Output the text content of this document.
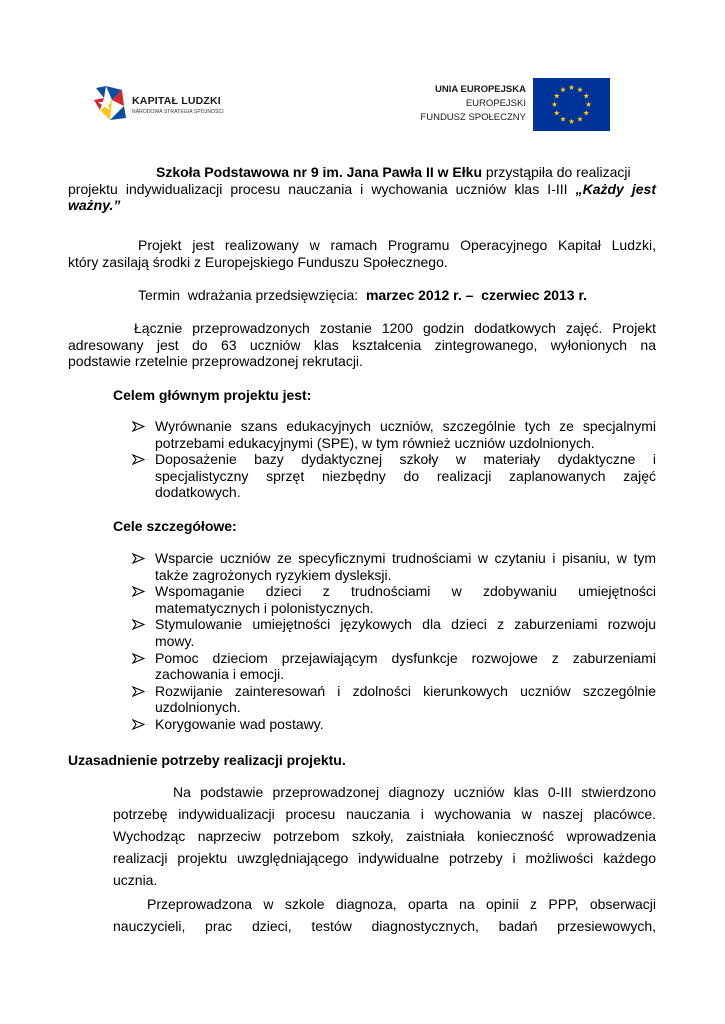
KAPITAŁ LUDZKI
NARODOWA STRATEGIA SPÓJNOŚCI
UNIA EUROPEJSKA
EUROPEJSKI
FUNDUSZ SPOŁECZNY
Szkoła Podstawowa nr 9 im. Jana Pawła II w Ełku przystąpiła do realizacji
projektu indywidualizacji procesu nauczania i wychowania uczniów klas I-III „Każdy jest
ważny.”
Projekt jest realizowany w ramach Programu Operacyjnego Kapitał Ludzki,
który zasilają środki z Europejskiego Funduszu Społecznego.
Termin  wdrażania przedsięwzięcia:  marzec 2012 r. –  czerwiec 2013 r.
Łącznie przeprowadzonych zostanie 1200 godzin dodatkowych zajęć. Projekt
adresowany jest do 63 uczniów klas kształcenia zintegrowanego, wyłonionych na
podstawie rzetelnie przeprowadzonej rekrutacji.
Celem głównym projektu jest:
Wyrównanie szans edukacyjnych uczniów, szczególnie tych ze specjalnymi
potrzebami edukacyjnymi (SPE), w tym również uczniów uzdolnionych.
Doposażenie bazy dydaktycznej szkoły w materiały dydaktyczne i
specjalistyczny sprzęt niezbędny do realizacji zaplanowanych zajęć
dodatkowych.
Cele szczegółowe:
Wsparcie uczniów ze specyficznymi trudnościami w czytaniu i pisaniu, w tym
także zagrożonych ryzykiem dysleksji.
Wspomaganie dzieci z trudnościami w zdobywaniu umiejętności
matematycznych i polonistycznych.
Stymulowanie umiejętności językowych dla dzieci z zaburzeniami rozwoju
mowy.
Pomoc dzieciom przejawiającym dysfunkcje rozwojowe z zaburzeniami
zachowania i emocji.
Rozwijanie zainteresowań i zdolności kierunkowych uczniów szczególnie
uzdolnionych.
Korygowanie wad postawy.
Uzasadnienie potrzeby realizacji projektu.
Na podstawie przeprowadzonej diagnozy uczniów klas 0-III stwierdzono
potrzebę indywidualizacji procesu nauczania i wychowania w naszej placówce.
Wychodząc naprzeciw potrzebom szkoły, zaistniała konieczność wprowadzenia
realizacji projektu uwzględniającego indywidualne potrzeby i możliwości każdego
ucznia.
Przeprowadzona w szkole diagnoza, oparta na opinii z PPP, obserwacji
nauczycieli, prac dzieci, testów diagnostycznych, badań przesiewowych,
